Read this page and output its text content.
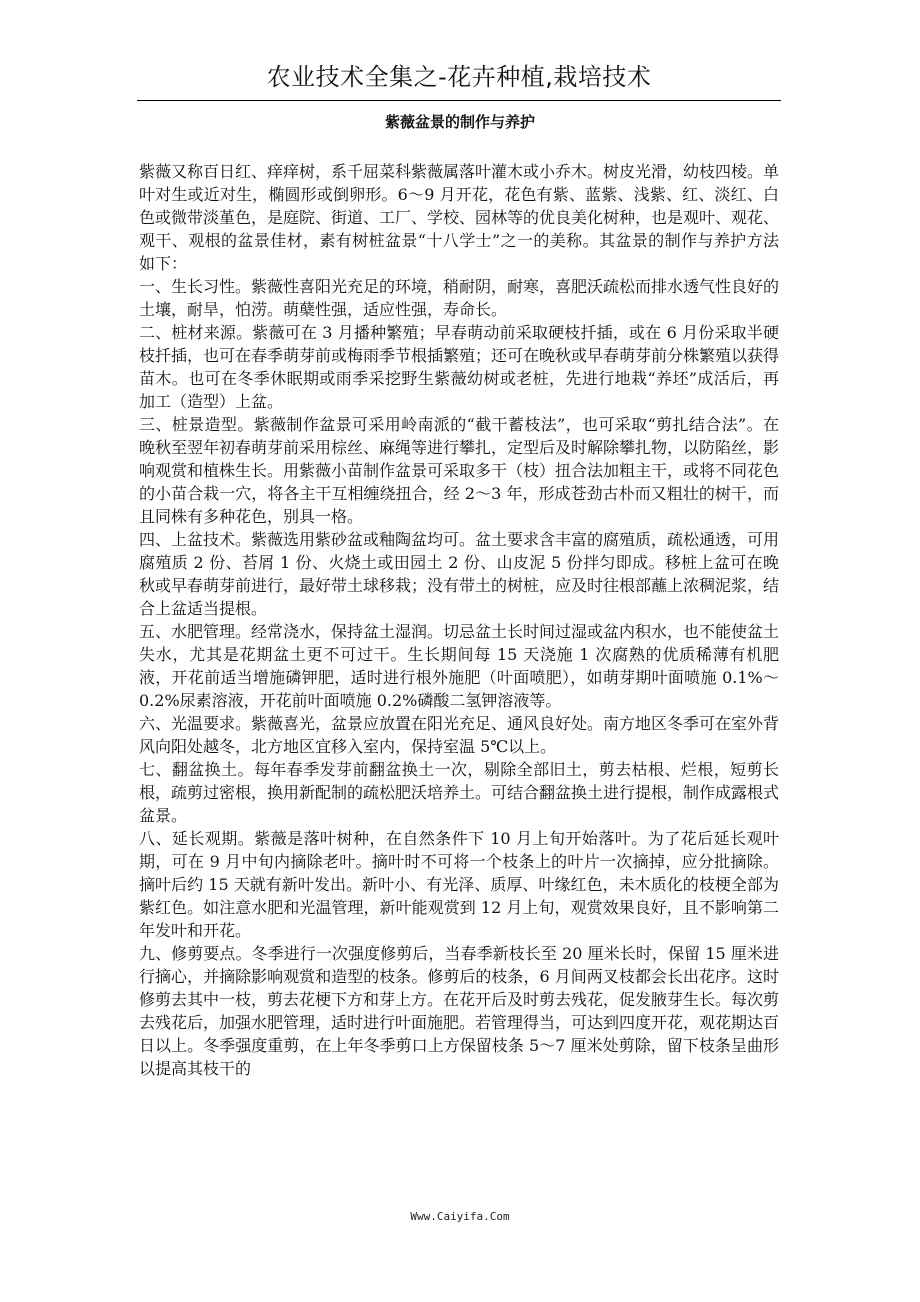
农业技术全集之-花卉种植,栽培技术
紫薇盆景的制作与养护

紫薇又称百日红、痒痒树，系千屈菜科紫薇属落叶灌木或小乔木。树皮光滑，幼枝四棱。单叶对生或近对生，椭圆形或倒卵形。6～9 月开花，花色有紫、蓝紫、浅紫、红、淡红、白色或微带淡堇色，是庭院、街道、工厂、学校、园林等的优良美化树种，也是观叶、观花、观干、观根的盆景佳材，素有树桩盆景“十八学士”之一的美称。其盆景的制作与养护方法如下：

一、生长习性。紫薇性喜阳光充足的环境，稍耐阴，耐寒，喜肥沃疏松而排水透气性良好的土壤，耐旱，怕涝。萌蘖性强，适应性强，寿命长。

二、桩材来源。紫薇可在 3 月播种繁殖；早春萌动前采取硬枝扦插，或在 6 月份采取半硬枝扦插，也可在春季萌芽前或梅雨季节根插繁殖；还可在晚秋或早春萌芽前分株繁殖以获得苗木。也可在冬季休眠期或雨季采挖野生紫薇幼树或老桩，先进行地栽“养坯”成活后，再加工（造型）上盆。

三、桩景造型。紫薇制作盆景可采用岭南派的“截干蓄枝法”，也可采取“剪扎结合法”。在晚秋至翌年初春萌芽前采用棕丝、麻绳等进行攀扎，定型后及时解除攀扎物，以防陷丝，影响观赏和植株生长。用紫薇小苗制作盆景可采取多干（枝）扭合法加粗主干，或将不同花色的小苗合栽一穴，将各主干互相缠绕扭合，经 2～3 年，形成苍劲古朴而又粗壮的树干，而且同株有多种花色，别具一格。

四、上盆技术。紫薇选用紫砂盆或釉陶盆均可。盆土要求含丰富的腐殖质，疏松通透，可用腐殖质 2 份、苔屑 1 份、火烧土或田园土 2 份、山皮泥 5 份拌匀即成。移桩上盆可在晚秋或早春萌芽前进行，最好带土球移栽；没有带土的树桩，应及时往根部蘸上浓稠泥浆，结合上盆适当提根。

五、水肥管理。经常浇水，保持盆土湿润。切忌盆土长时间过湿或盆内积水，也不能使盆土失水，尤其是花期盆土更不可过干。生长期间每 15 天浇施 1 次腐熟的优质稀薄有机肥液，开花前适当增施磷钾肥，适时进行根外施肥（叶面喷肥），如萌芽期叶面喷施 0.1%～0.2%尿素溶液，开花前叶面喷施 0.2%磷酸二氢钾溶液等。

六、光温要求。紫薇喜光，盆景应放置在阳光充足、通风良好处。南方地区冬季可在室外背风向阳处越冬，北方地区宜移入室内，保持室温 5℃以上。

七、翻盆换土。每年春季发芽前翻盆换土一次，剔除全部旧土，剪去枯根、烂根，短剪长根，疏剪过密根，换用新配制的疏松肥沃培养土。可结合翻盆换土进行提根，制作成露根式盆景。

八、延长观期。紫薇是落叶树种，在自然条件下 10 月上旬开始落叶。为了花后延长观叶期，可在 9 月中旬内摘除老叶。摘叶时不可将一个枝条上的叶片一次摘掉，应分批摘除。摘叶后约 15 天就有新叶发出。新叶小、有光泽、质厚、叶缘红色，未木质化的枝梗全部为紫红色。如注意水肥和光温管理，新叶能观赏到 12 月上旬，观赏效果良好，且不影响第二年发叶和开花。

九、修剪要点。冬季进行一次强度修剪后，当春季新枝长至 20 厘米长时，保留 15 厘米进行摘心，并摘除影响观赏和造型的枝条。修剪后的枝条，6 月间两叉枝都会长出花序。这时修剪去其中一枝，剪去花梗下方和芽上方。在花开后及时剪去残花，促发腋芽生长。每次剪去残花后，加强水肥管理，适时进行叶面施肥。若管理得当，可达到四度开花，观花期达百日以上。冬季强度重剪，在上年冬季剪口上方保留枝条 5～7 厘米处剪除，留下枝条呈曲形以提高其枝干的

Www.Caiyifa.Com
